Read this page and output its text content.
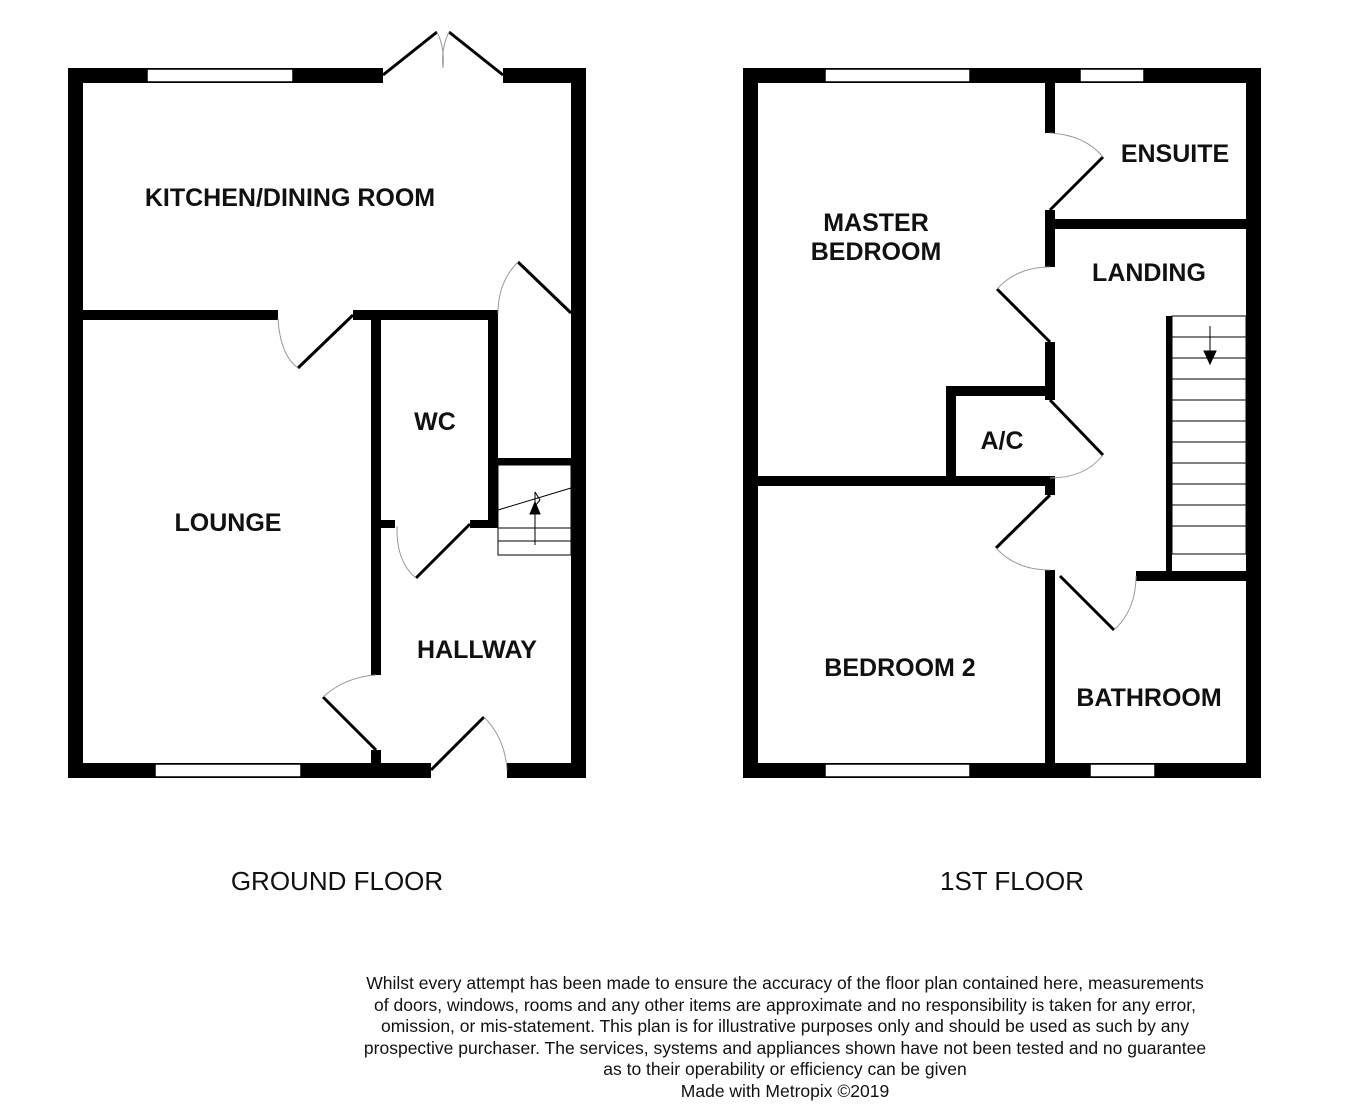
KITCHEN/DINING ROOM
LOUNGE
WC
HALLWAY
GROUND FLOOR
MASTER
BEDROOM
ENSUITE
LANDING
A/C
BEDROOM 2
BATHROOM
1ST FLOOR
Whilst every attempt has been made to ensure the accuracy of the floor plan contained here, measurements
of doors, windows, rooms and any other items are approximate and no responsibility is taken for any error,
omission, or mis-statement. This plan is for illustrative purposes only and should be used as such by any
prospective purchaser. The services, systems and appliances shown have not been tested and no guarantee
as to their operability or efficiency can be given
Made with Metropix ©2019
